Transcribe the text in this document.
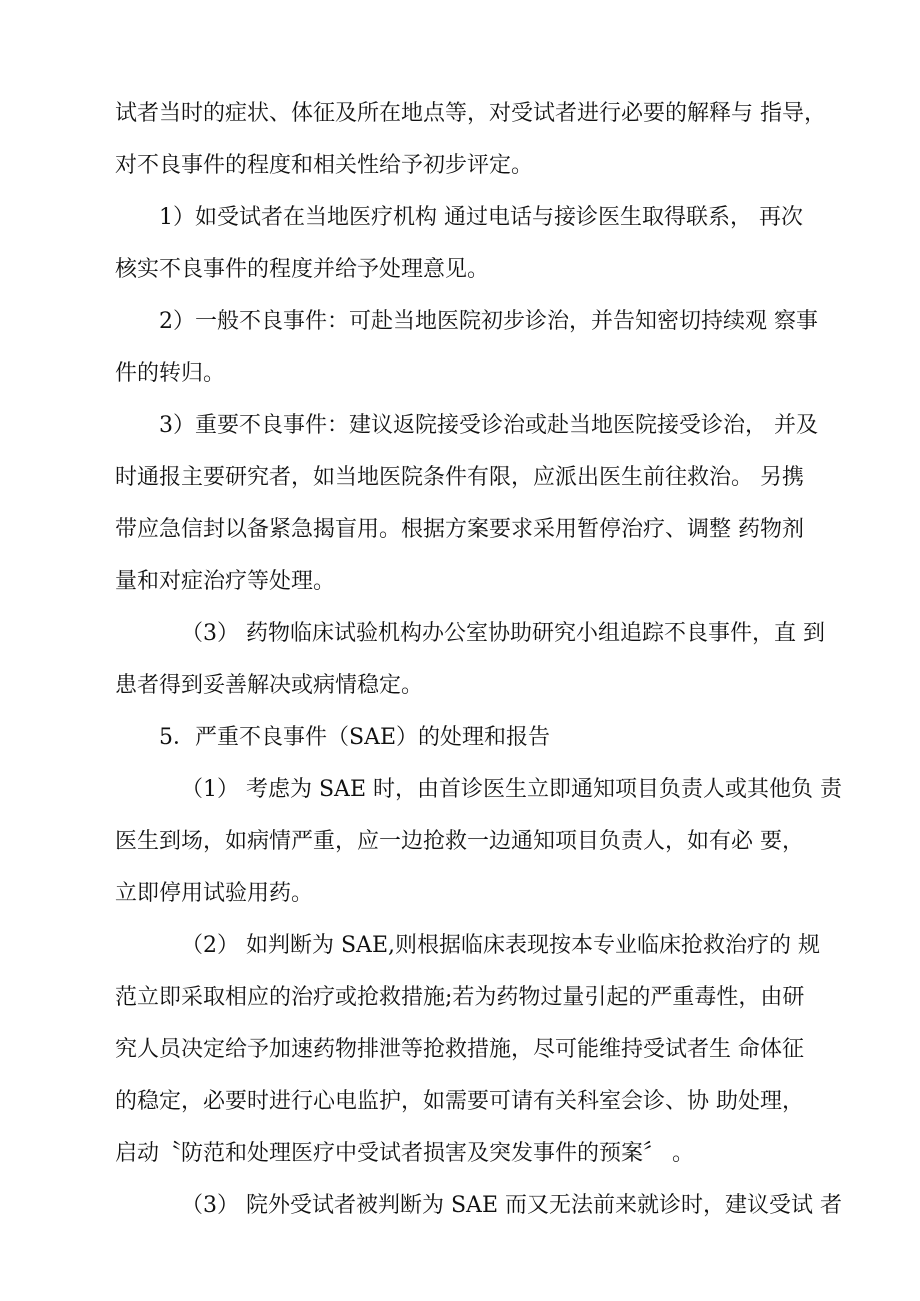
试者当时的症状、体征及所在地点等，对受试者进行必要的解释与 指导，
对不良事件的程度和相关性给予初步评定。
1）如受试者在当地医疗机构 通过电话与接诊医生取得联系， 再次
核实不良事件的程度并给予处理意见。
2）一般不良事件：可赴当地医院初步诊治，并告知密切持续观 察事
件的转归。
3）重要不良事件：建议返院接受诊治或赴当地医院接受诊治， 并及
时通报主要研究者，如当地医院条件有限，应派出医生前往救治。 另携
带应急信封以备紧急揭盲用。根据方案要求采用暂停治疗、调整 药物剂
量和对症治疗等处理。
（3） 药物临床试验机构办公室协助研究小组追踪不良事件，直 到
患者得到妥善解决或病情稳定。
5．严重不良事件（SAE）的处理和报告
（1） 考虑为 SAE 时，由首诊医生立即通知项目负责人或其他负 责
医生到场，如病情严重，应一边抢救一边通知项目负责人，如有必 要，
立即停用试验用药。
（2） 如判断为 SAE,则根据临床表现按本专业临床抢救治疗的 规
范立即采取相应的治疗或抢救措施;若为药物过量引起的严重毒性，由研
究人员决定给予加速药物排泄等抢救措施，尽可能维持受试者生 命体征
的稳定，必要时进行心电监护，如需要可请有关科室会诊、协 助处理，
启动〝防范和处理医疗中受试者损害及突发事件的预案〞 。
（3） 院外受试者被判断为 SAE 而又无法前来就诊时，建议受试 者
